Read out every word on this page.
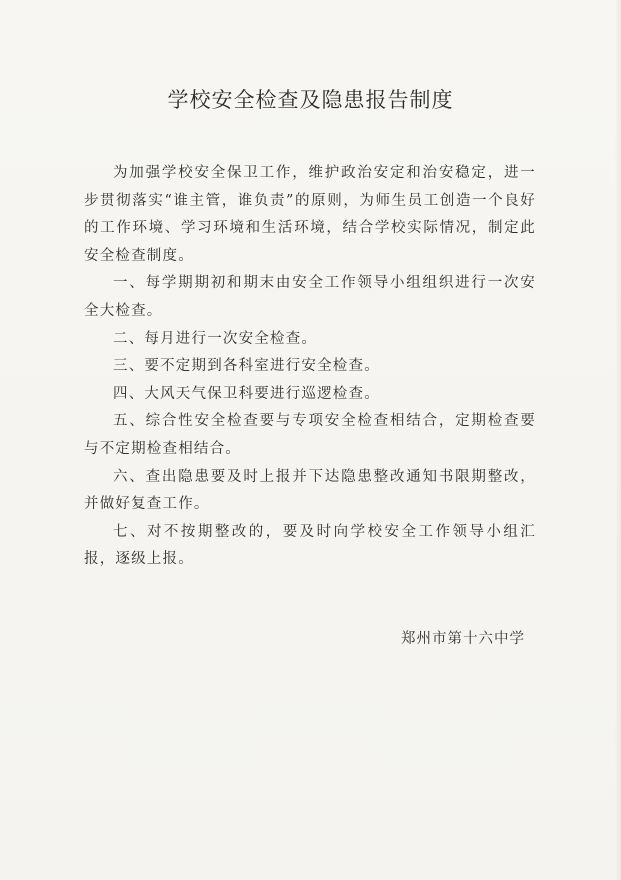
学校安全检查及隐患报告制度

为加强学校安全保卫工作，维护政治安定和治安稳定，进一步贯彻落实“谁主管，谁负责”的原则，为师生员工创造一个良好的工作环境、学习环境和生活环境，结合学校实际情况，制定此安全检查制度。

一、每学期期初和期末由安全工作领导小组组织进行一次安全大检查。

二、每月进行一次安全检查。

三、要不定期到各科室进行安全检查。

四、大风天气保卫科要进行巡逻检查。

五、综合性安全检查要与专项安全检查相结合，定期检查要与不定期检查相结合。

六、查出隐患要及时上报并下达隐患整改通知书限期整改，并做好复查工作。

七、对不按期整改的，要及时向学校安全工作领导小组汇报，逐级上报。

郑州市第十六中学
